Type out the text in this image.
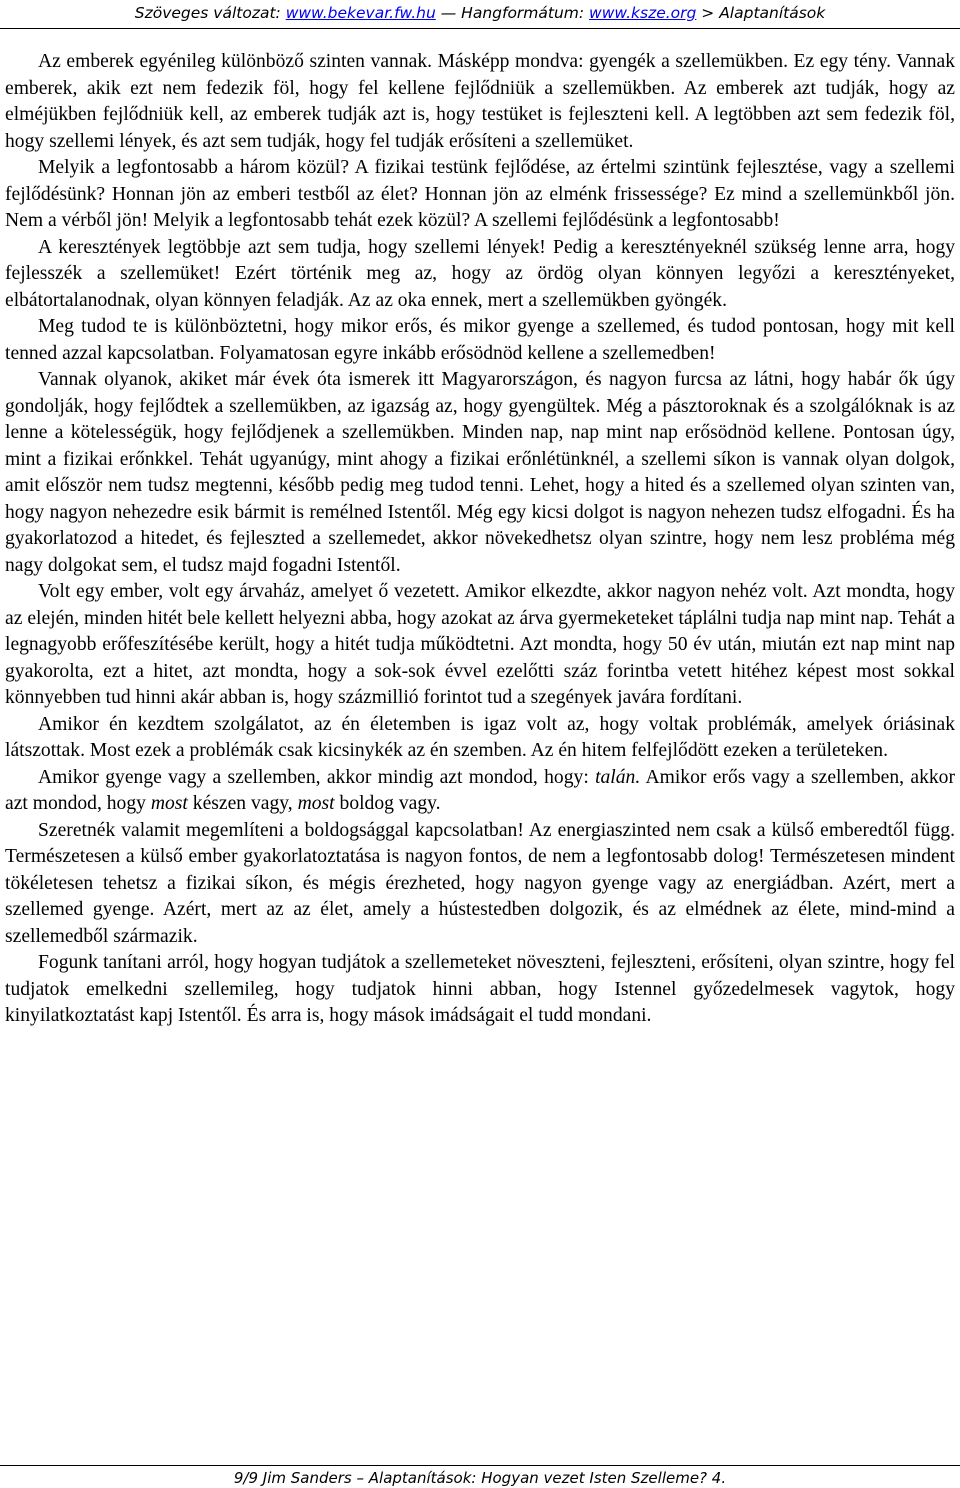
Szöveges változat: www.bekevar.fw.hu — Hangformátum: www.ksze.org > Alaptanítások

Az emberek egyénileg különböző szinten vannak. Másképp mondva: gyengék a szellemükben. Ez egy tény. Vannak emberek, akik ezt nem fedezik föl, hogy fel kellene fejlődniük a szellemükben. Az emberek azt tudják, hogy az elméjükben fejlődniük kell, az emberek tudják azt is, hogy testüket is fejleszteni kell. A legtöbben azt sem fedezik föl, hogy szellemi lények, és azt sem tudják, hogy fel tudják erősíteni a szellemüket.

Melyik a legfontosabb a három közül? A fizikai testünk fejlődése, az értelmi szintünk fejlesztése, vagy a szellemi fejlődésünk? Honnan jön az emberi testből az élet? Honnan jön az elménk frissessége? Ez mind a szellemünkből jön. Nem a vérből jön! Melyik a legfontosabb tehát ezek közül? A szellemi fejlődésünk a legfontosabb!

A keresztények legtöbbje azt sem tudja, hogy szellemi lények! Pedig a keresztényeknél szükség lenne arra, hogy fejlesszék a szellemüket! Ezért történik meg az, hogy az ördög olyan könnyen legyőzi a keresztényeket, elbátortalanodnak, olyan könnyen feladják. Az az oka ennek, mert a szellemükben gyöngék.

Meg tudod te is különböztetni, hogy mikor erős, és mikor gyenge a szellemed, és tudod pontosan, hogy mit kell tenned azzal kapcsolatban. Folyamatosan egyre inkább erősödnöd kellene a szellemedben!

Vannak olyanok, akiket már évek óta ismerek itt Magyarországon, és nagyon furcsa az látni, hogy habár ők úgy gondolják, hogy fejlődtek a szellemükben, az igazság az, hogy gyengültek. Még a pásztoroknak és a szolgálóknak is az lenne a kötelességük, hogy fejlődjenek a szellemükben. Minden nap, nap mint nap erősödnöd kellene. Pontosan úgy, mint a fizikai erőnkkel. Tehát ugyanúgy, mint ahogy a fizikai erőnlétünknél, a szellemi síkon is vannak olyan dolgok, amit először nem tudsz megtenni, később pedig meg tudod tenni. Lehet, hogy a hited és a szellemed olyan szinten van, hogy nagyon nehezedre esik bármit is remélned Istentől. Még egy kicsi dolgot is nagyon nehezen tudsz elfogadni. És ha gyakorlatozod a hitedet, és fejleszted a szellemedet, akkor növekedhetsz olyan szintre, hogy nem lesz probléma még nagy dolgokat sem, el tudsz majd fogadni Istentől.

Volt egy ember, volt egy árvaház, amelyet ő vezetett. Amikor elkezdte, akkor nagyon nehéz volt. Azt mondta, hogy az elején, minden hitét bele kellett helyezni abba, hogy azokat az árva gyermeketeket táplálni tudja nap mint nap. Tehát a legnagyobb erőfeszítésébe került, hogy a hitét tudja működtetni. Azt mondta, hogy 50 év után, miután ezt nap mint nap gyakorolta, ezt a hitet, azt mondta, hogy a sok-sok évvel ezelőtti száz forintba vetett hitéhez képest most sokkal könnyebben tud hinni akár abban is, hogy százmillió forintot tud a szegények javára fordítani.

Amikor én kezdtem szolgálatot, az én életemben is igaz volt az, hogy voltak problémák, amelyek óriásinak látszottak. Most ezek a problémák csak kicsinykék az én szemben. Az én hitem felfejlődött ezeken a területeken.

Amikor gyenge vagy a szellemben, akkor mindig azt mondod, hogy: talán. Amikor erős vagy a szellemben, akkor azt mondod, hogy most készen vagy, most boldog vagy.

Szeretnék valamit megemlíteni a boldogsággal kapcsolatban! Az energiaszinted nem csak a külső emberedtől függ. Természetesen a külső ember gyakorlatoztatása is nagyon fontos, de nem a legfontosabb dolog! Természetesen mindent tökéletesen tehetsz a fizikai síkon, és mégis érezheted, hogy nagyon gyenge vagy az energiádban. Azért, mert a szellemed gyenge. Azért, mert az az élet, amely a hústestedben dolgozik, és az elmédnek az élete, mind-mind a szellemedből származik.

Fogunk tanítani arról, hogy hogyan tudjátok a szellemeteket növeszteni, fejleszteni, erősíteni, olyan szintre, hogy fel tudjatok emelkedni szellemileg, hogy tudjatok hinni abban, hogy Istennel győzedelmesek vagytok, hogy kinyilatkoztatást kapj Istentől. És arra is, hogy mások imádságait el tudd mondani.

9/9 Jim Sanders – Alaptanítások: Hogyan vezet Isten Szelleme? 4.
